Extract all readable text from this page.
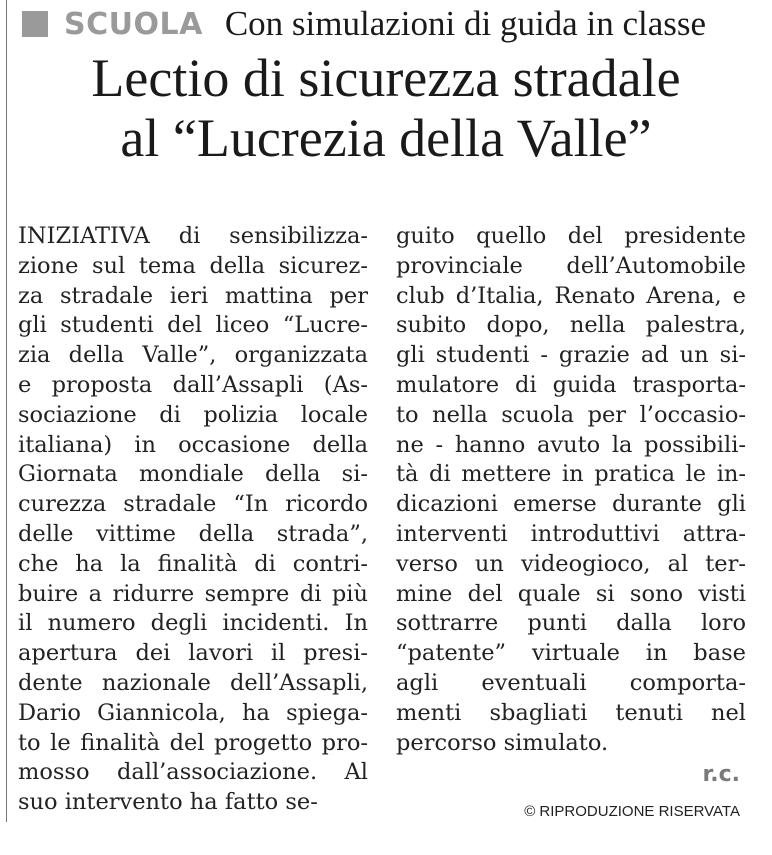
SCUOLA Con simulazioni di guida in classe
Lectio di sicurezza stradale
al “Lucrezia della Valle”
INIZIATIVA di sensibilizza-
zione sul tema della sicurez-
za stradale ieri mattina per
gli studenti del liceo “Lucre-
zia della Valle”, organizzata
e proposta dall’Assapli (As-
sociazione di polizia locale
italiana) in occasione della
Giornata mondiale della si-
curezza stradale “In ricordo
delle vittime della strada”,
che ha la finalità di contri-
buire a ridurre sempre di più
il numero degli incidenti. In
apertura dei lavori il presi-
dente nazionale dell’Assapli,
Dario Giannicola, ha spiega-
to le finalità del progetto pro-
mosso dall’associazione. Al
suo intervento ha fatto se-
guito quello del presidente
provinciale dell’Automobile
club d’Italia, Renato Arena, e
subito dopo, nella palestra,
gli studenti - grazie ad un si-
mulatore di guida trasporta-
to nella scuola per l’occasio-
ne - hanno avuto la possibili-
tà di mettere in pratica le in-
dicazioni emerse durante gli
interventi introduttivi attra-
verso un videogioco, al ter-
mine del quale si sono visti
sottrarre punti dalla loro
“patente” virtuale in base
agli eventuali comporta-
menti sbagliati tenuti nel
percorso simulato.
r.c.
© RIPRODUZIONE RISERVATA
